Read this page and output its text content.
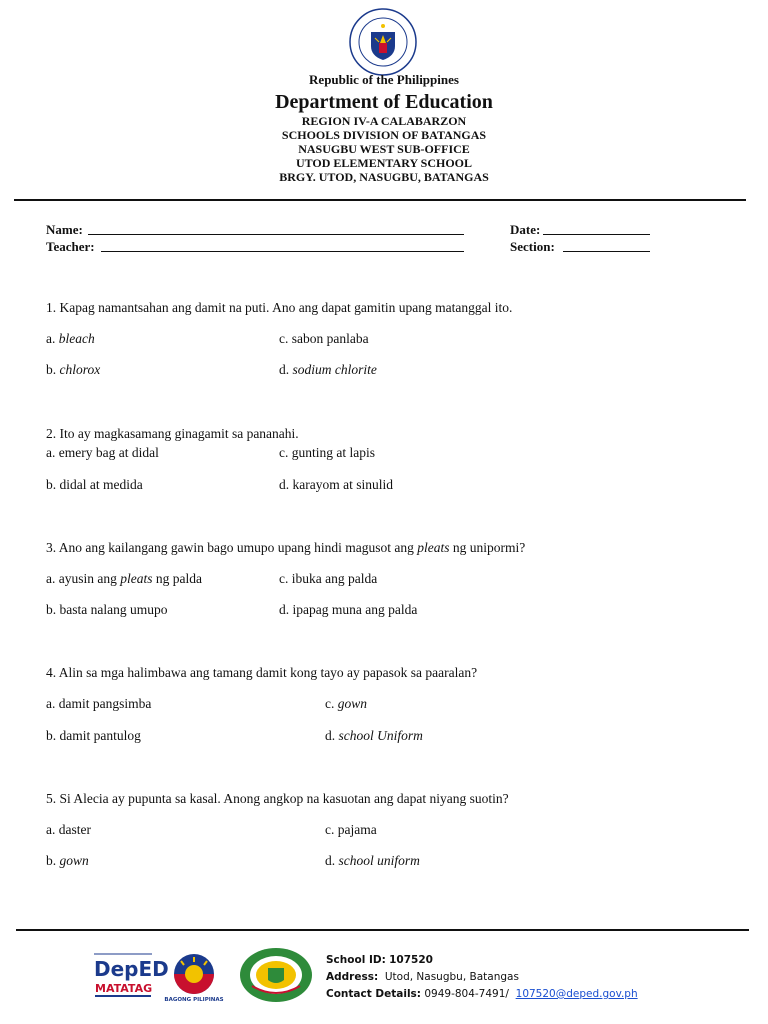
Republic of the Philippines
Department of Education
REGION IV-A CALABARZON
SCHOOLS DIVISION OF BATANGAS
NASUGBU WEST SUB-OFFICE
UTOD ELEMENTARY SCHOOL
BRGY. UTOD, NASUGBU, BATANGAS
Name:
Teacher:
Date:
Section:
1. Kapag namantsahan ang damit na puti. Ano ang dapat gamitin upang matanggal ito.
a. bleach	c. sabon panlaba
b. chlorox	d. sodium chlorite
2. Ito ay magkasamang ginagamit sa pananahi.
a. emery bag at didal	c. gunting at lapis
b. didal at medida	d. karayom at sinulid
3. Ano ang kailangang gawin bago umupo upang hindi magusot ang pleats ng unipormi?
a. ayusin ang pleats ng palda	c. ibuka ang palda
b. basta nalang umupo	d. ipapag muna ang palda
4. Alin sa mga halimbawa ang tamang damit kong tayo ay papasok sa paaralan?
a. damit pangsimba	c. gown
b. damit pantulog	d. school Uniform
5. Si Alecia ay pupunta sa kasal. Anong angkop na kasuotan ang dapat niyang suotin?
a. daster	c. pajama
b. gown	d. school uniform
DepED
MATATAG
BAGONG PILIPINAS
School ID: 107520
Address: Utod, Nasugbu, Batangas
Contact Details: 0949-804-7491/ 107520@deped.gov.ph
